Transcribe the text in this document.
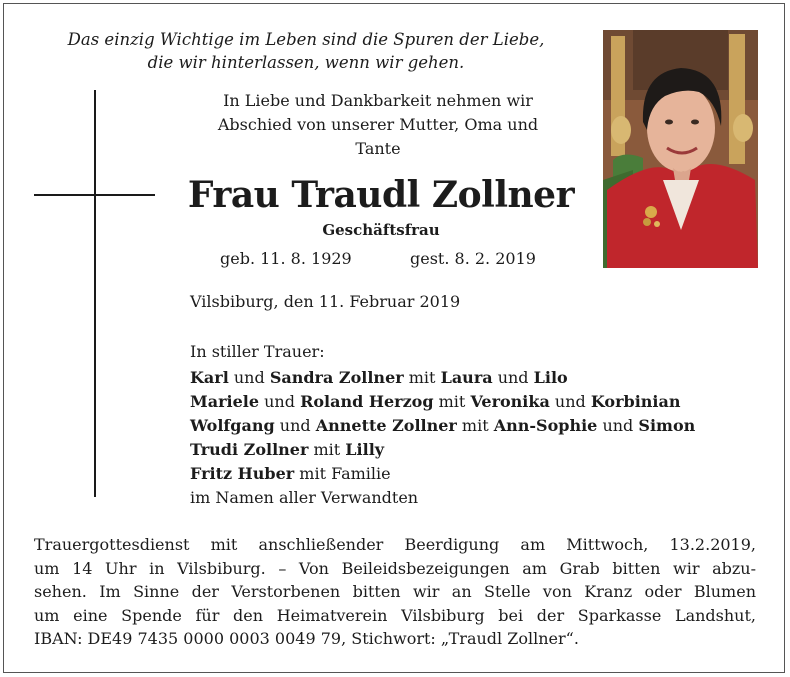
Das einzig Wichtige im Leben sind die Spuren der Liebe,
die wir hinterlassen, wenn wir gehen.
In Liebe und Dankbarkeit nehmen wir
Abschied von unserer Mutter, Oma und
Tante
Frau Traudl Zollner
Geschäftsfrau
geb. 11. 8. 1929	gest. 8. 2. 2019
Vilsbiburg, den 11. Februar 2019
In stiller Trauer:
Karl und Sandra Zollner mit Laura und Lilo
Mariele und Roland Herzog mit Veronika und Korbinian
Wolfgang und Annette Zollner mit Ann-Sophie und Simon
Trudi Zollner mit Lilly
Fritz Huber mit Familie
im Namen aller Verwandten
Trauergottesdienst mit anschließender Beerdigung am Mittwoch, 13.2.2019,
um 14 Uhr in Vilsbiburg. – Von Beileidsbezeigungen am Grab bitten wir abzu-
sehen. Im Sinne der Verstorbenen bitten wir an Stelle von Kranz oder Blumen
um eine Spende für den Heimatverein Vilsbiburg bei der Sparkasse Landshut,
IBAN: DE49 7435 0000 0003 0049 79, Stichwort: „Traudl Zollner“.
